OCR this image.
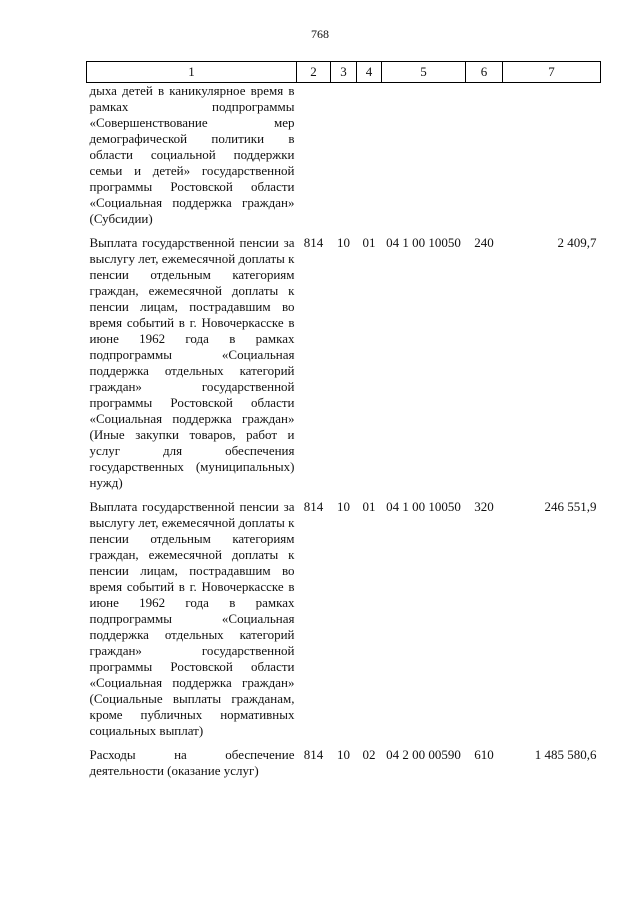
768
1	2	3	4	5	6	7
дыха детей в каникулярное время в рамках подпрограммы «Совершенствование мер демографической политики в области социальной поддержки семьи и детей» государственной программы Ростовской области «Социальная поддержка граждан» (Субсидии)						
Выплата государственной пенсии за выслугу лет, ежемесячной доплаты к пенсии отдельным категориям граждан, ежемесячной доплаты к пенсии лицам, пострадавшим во время событий в г. Новочеркасске в июне 1962 года в рамках подпрограммы «Социальная поддержка отдельных категорий граждан» государственной программы Ростовской области «Социальная поддержка граждан» (Иные закупки товаров, работ и услуг для обеспечения государственных (муниципальных) нужд)	814	10	01	04 1 00 10050	240	2 409,7
Выплата государственной пенсии за выслугу лет, ежемесячной доплаты к пенсии отдельным категориям граждан, ежемесячной доплаты к пенсии лицам, пострадавшим во время событий в г. Новочеркасске в июне 1962 года в рамках подпрограммы «Социальная поддержка отдельных категорий граждан» государственной программы Ростовской области «Социальная поддержка граждан» (Социальные выплаты гражданам, кроме публичных нормативных социальных выплат)	814	10	01	04 1 00 10050	320	246 551,9
Расходы на обеспечение деятельности (оказание услуг)	814	10	02	04 2 00 00590	610	1 485 580,6
